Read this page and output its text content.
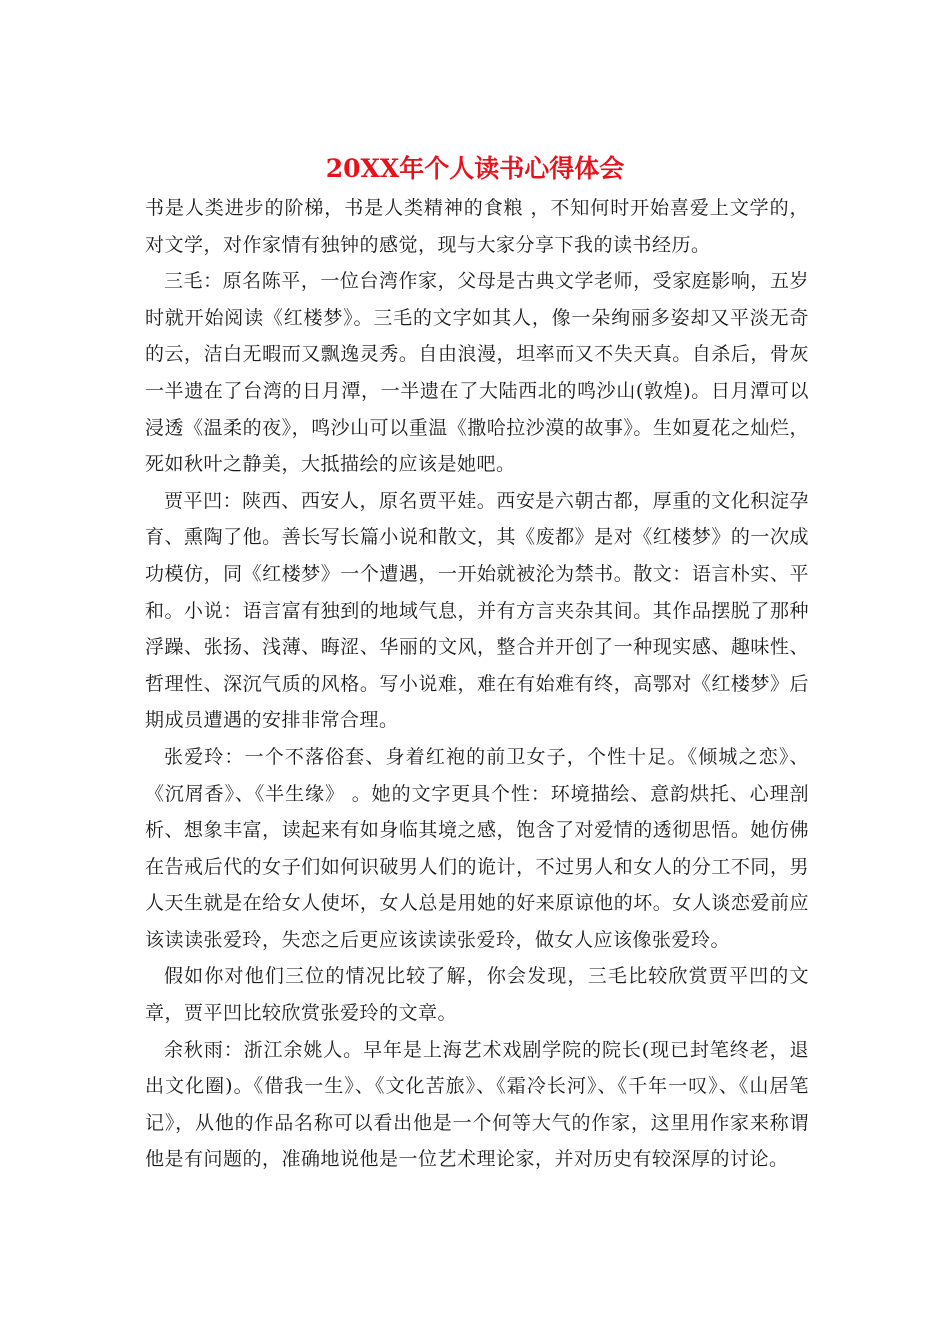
20XX年个人读书心得体会

书是人类进步的阶梯，书是人类精神的食粮 ，不知何时开始喜爱上文学的，对文学，对作家情有独钟的感觉，现与大家分享下我的读书经历。

三毛：原名陈平，一位台湾作家，父母是古典文学老师，受家庭影响，五岁时就开始阅读《红楼梦》。三毛的文字如其人，像一朵绚丽多姿却又平淡无奇的云，洁白无暇而又飘逸灵秀。自由浪漫，坦率而又不失天真。自杀后，骨灰一半遗在了台湾的日月潭，一半遗在了大陆西北的鸣沙山(敦煌)。日月潭可以浸透《温柔的夜》，鸣沙山可以重温《撒哈拉沙漠的故事》。生如夏花之灿烂，死如秋叶之静美，大抵描绘的应该是她吧。

贾平凹：陕西、西安人，原名贾平娃。西安是六朝古都，厚重的文化积淀孕育、熏陶了他。善长写长篇小说和散文，其《废都》是对《红楼梦》的一次成功模仿，同《红楼梦》一个遭遇，一开始就被沦为禁书。散文：语言朴实、平和。小说：语言富有独到的地域气息，并有方言夹杂其间。其作品摆脱了那种浮躁、张扬、浅薄、晦涩、华丽的文风，整合并开创了一种现实感、趣味性、哲理性、深沉气质的风格。写小说难，难在有始难有终，高鄂对《红楼梦》后期成员遭遇的安排非常合理。

张爱玲：一个不落俗套、身着红袍的前卫女子，个性十足。《倾城之恋》、《沉屑香》、《半生缘》 。她的文字更具个性：环境描绘、意韵烘托、心理剖析、想象丰富，读起来有如身临其境之感，饱含了对爱情的透彻思悟。她仿佛在告戒后代的女子们如何识破男人们的诡计，不过男人和女人的分工不同，男人天生就是在给女人使坏，女人总是用她的好来原谅他的坏。女人谈恋爱前应该读读张爱玲，失恋之后更应该读读张爱玲，做女人应该像张爱玲。

假如你对他们三位的情况比较了解，你会发现，三毛比较欣赏贾平凹的文章，贾平凹比较欣赏张爱玲的文章。

余秋雨：浙江余姚人。早年是上海艺术戏剧学院的院长(现已封笔终老，退出文化圈)。《借我一生》、《文化苦旅》、《霜冷长河》、《千年一叹》、《山居笔记》，从他的作品名称可以看出他是一个何等大气的作家，这里用作家来称谓他是有问题的，准确地说他是一位艺术理论家，并对历史有较深厚的讨论。
